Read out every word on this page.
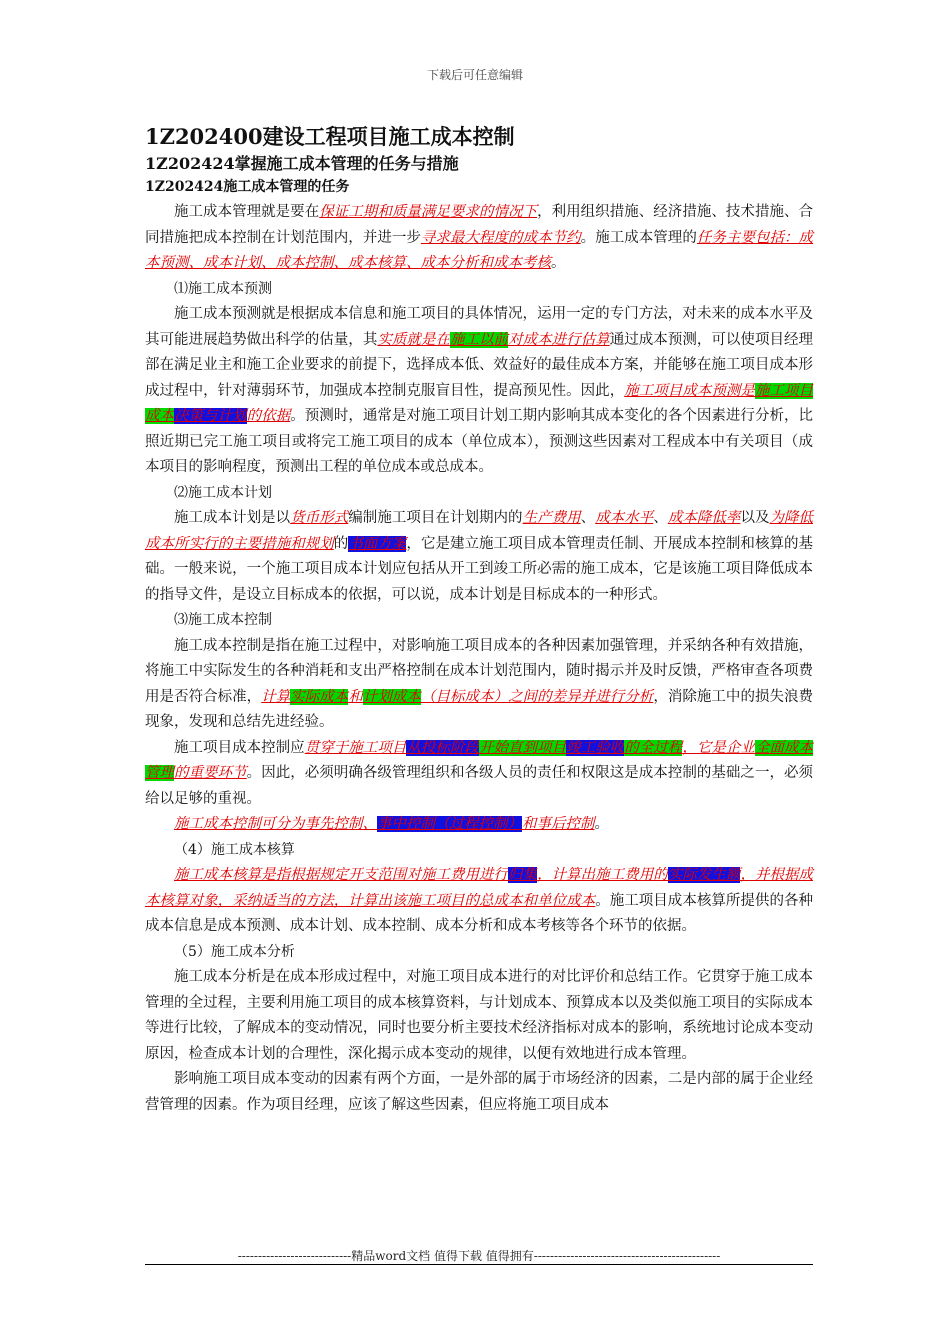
下载后可任意编辑
1Z202400建设工程项目施工成本控制
1Z202424掌握施工成本管理的任务与措施
1Z202424施工成本管理的任务

施工成本管理就是要在保证工期和质量满足要求的情况下，利用组织措施、经济措施、技术措施、合同措施把成本控制在计划范围内，并进一步寻求最大程度的成本节约。施工成本管理的任务主要包括：成本预测、成本计划、成本控制、成本核算、成本分析和成本考核。

⑴施工成本预测

施工成本预测就是根据成本信息和施工项目的具体情况，运用一定的专门方法，对未来的成本水平及其可能进展趋势做出科学的估量，其实质就是在施工以前对成本进行估算通过成本预测，可以使项目经理部在满足业主和施工企业要求的前提下，选择成本低、效益好的最佳成本方案，并能够在施工项目成本形成过程中，针对薄弱环节，加强成本控制克服盲目性，提高预见性。因此，施工项目成本预测是施工项目成本决策与计划的依据。预测时，通常是对施工项目计划工期内影响其成本变化的各个因素进行分析，比照近期已完工施工项目或将完工施工项目的成本（单位成本），预测这些因素对工程成本中有关项目（成本项目的影响程度，预测出工程的单位成本或总成本。

⑵施工成本计划

施工成本计划是以货币形式编制施工项目在计划期内的生产费用、成本水平、成本降低率以及为降低成本所实行的主要措施和规划的书面方案，它是建立施工项目成本管理责任制、开展成本控制和核算的基础。一般来说，一个施工项目成本计划应包括从开工到竣工所必需的施工成本，它是该施工项目降低成本的指导文件，是设立目标成本的依据，可以说，成本计划是目标成本的一种形式。

⑶施工成本控制

施工成本控制是指在施工过程中，对影响施工项目成本的各种因素加强管理，并采纳各种有效措施，将施工中实际发生的各种消耗和支出严格控制在成本计划范围内，随时揭示并及时反馈，严格审查各项费用是否符合标准，计算实际成本和计划成本（目标成本）之间的差异并进行分析，消除施工中的损失浪费现象，发现和总结先进经验。

施工项目成本控制应贯穿于施工项目从投标阶段开始直到项目竣工验收的全过程，它是企业全面成本管理的重要环节。因此，必须明确各级管理组织和各级人员的责任和权限这是成本控制的基础之一，必须给以足够的重视。

施工成本控制可分为事先控制、事中控制（过程控制）和事后控制。

（4）施工成本核算

施工成本核算是指根据规定开支范围对施工费用进行归集，计算出施工费用的实际发生额，并根据成本核算对象，采纳适当的方法，计算出该施工项目的总成本和单位成本。施工项目成本核算所提供的各种成本信息是成本预测、成本计划、成本控制、成本分析和成本考核等各个环节的依据。

（5）施工成本分析

施工成本分析是在成本形成过程中，对施工项目成本进行的对比评价和总结工作。它贯穿于施工成本管理的全过程，主要利用施工项目的成本核算资料，与计划成本、预算成本以及类似施工项目的实际成本等进行比较，了解成本的变动情况，同时也要分析主要技术经济指标对成本的影响，系统地讨论成本变动原因，检查成本计划的合理性，深化揭示成本变动的规律，以便有效地进行成本管理。

影响施工项目成本变动的因素有两个方面，一是外部的属于市场经济的因素，二是内部的属于企业经营管理的因素。作为项目经理，应该了解这些因素，但应将施工项目成本

----------------------------精品word文档 值得下载 值得拥有----------------------------------------------
